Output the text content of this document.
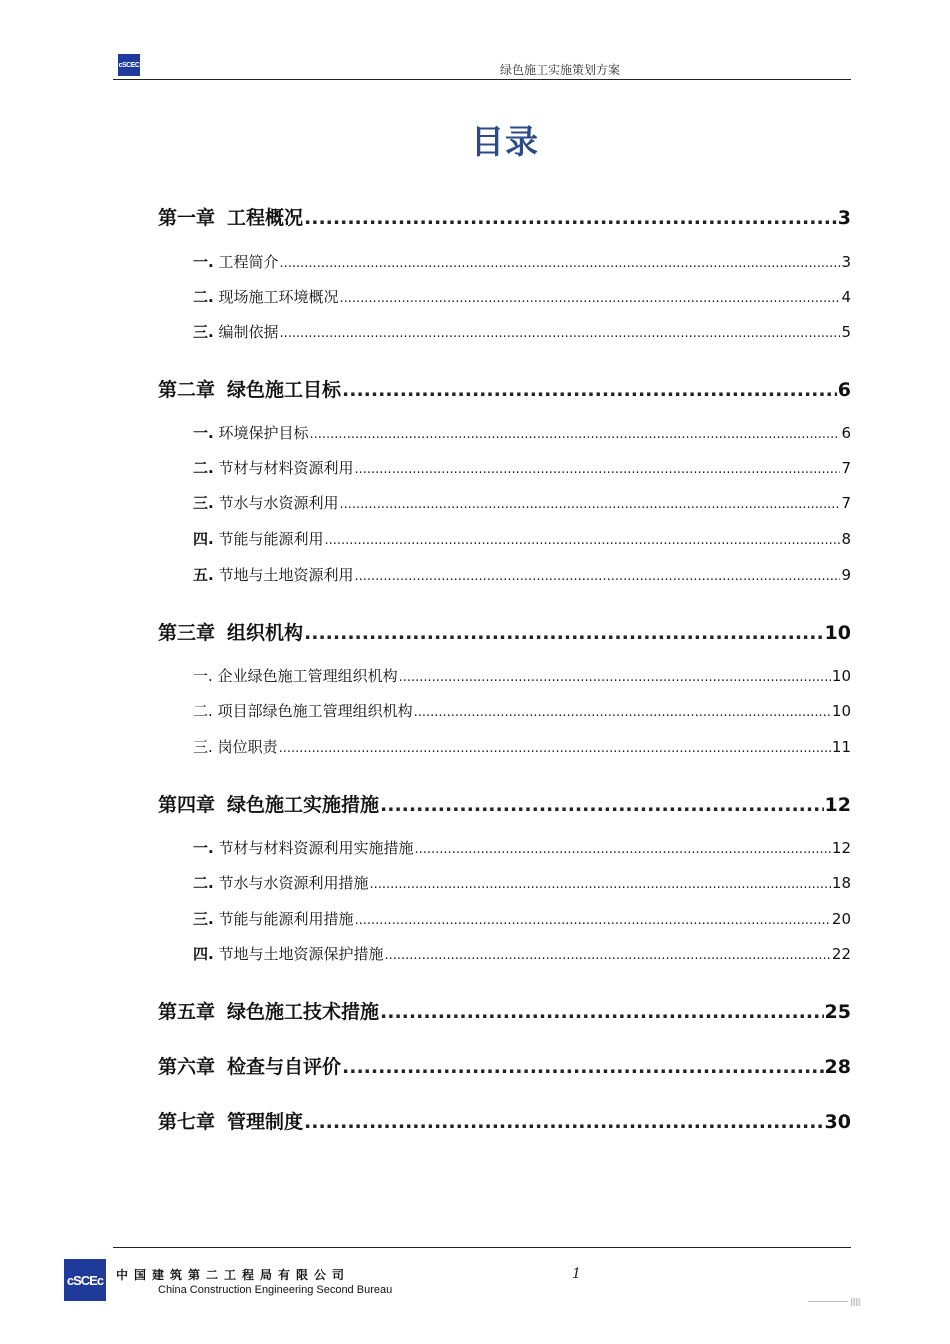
cSCEC	绿色施工实施策划方案
目录
第一章 工程概况 .....	3
一. 工程简介 .....	3
二. 现场施工环境概况 .....	4
三. 编制依据 .....	5
第二章 绿色施工目标 .....	6
一. 环境保护目标 .....	6
二. 节材与材料资源利用 .....	7
三. 节水与水资源利用 .....	7
四. 节能与能源利用 .....	8
五. 节地与土地资源利用 .....	9
第三章 组织机构 .....	10
一. 企业绿色施工管理组织机构 .....	10
二. 项目部绿色施工管理组织机构 .....	10
三. 岗位职责 .....	11
第四章 绿色施工实施措施 .....	12
一. 节材与材料资源利用实施措施 .....	12
二. 节水与水资源利用措施 .....	18
三. 节能与能源利用措施 .....	20
四. 节地与土地资源保护措施 .....	22
第五章 绿色施工技术措施 .....	25
第六章 检查与自评价 .....	28
第七章 管理制度 .....	30
cSCEc 中国建筑第二工程局有限公司
China Construction Engineering Second Bureau
1
||||||
